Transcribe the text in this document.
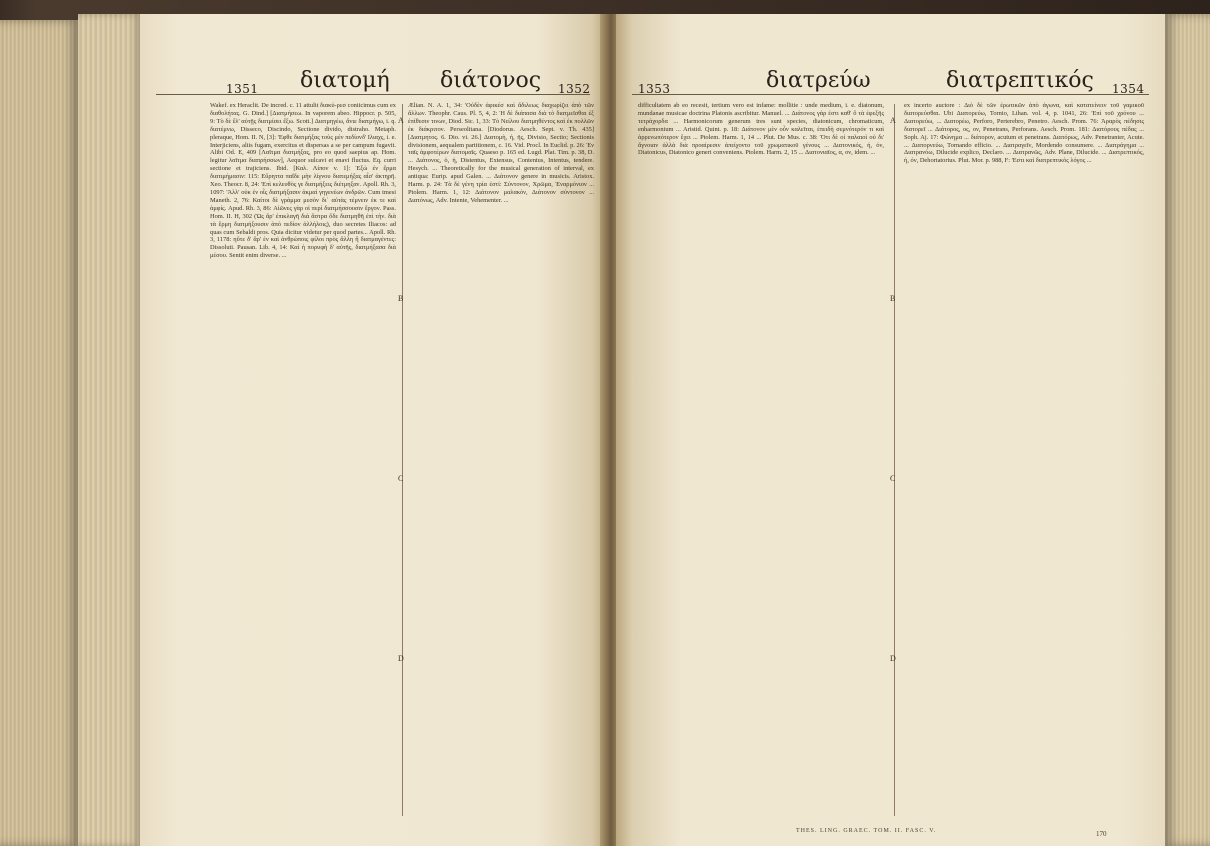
1351 διατομή διάτονος 1352
Wakef. ex Heraclit. De incred. c. 11 attulit διακύ-ρεσ coniicimus cum ex διαθολήτας. G. Dind.] [Διατμήσεω. In vaporem abeo. Hippocr. p. 505, 9: Τὸ δὲ ἔλ' αὐτῇς διατμίσει ἔξω. Scott.] Διατμηγέω, ἄνιε διατμήγω, i. q. διατέμνω, Disseco, Discindo, Sectione divido, distraho. Metaph. pleraque, Hom. II. Ν, [3]: 'Εφθε διατμήξας τοὺς μὲν πεδίονδ' Ιλιαχς, i. e. Interjiciens, aliis fugam, exercitus et dispersas a se per campum fugavit. Alibi Od. Ε, 409 [Λαῖτμα διατμήξας, pro eo quod saepius ap. Hom. legitur λαῖτμα διαπρήσσων], Aequor sulcavi et enavi fluctus. Eq. curri sectione et trajiciens. Ibid. [Καλ. Λίπον v. 1]: Ἐξὼ ἐν ἔρμα διατιμήμασιν: 115: Εὔρηττα παΐδε μὴν λίγνου διατεμήξας αἶσ' ἀκτηρῆ. Xeo. Theocr. 8, 24: 'Επὶ κελευθὸς γε διατμήξεις διέτμηξαν. Apoll. Rh. 3, 1097: 'Ἀλλ' οὐκ ἐν οἷς διατμήξασιν ἀκμαὶ γηγενέων ἀνδρῶν. Cum tmesi Maneth. 2, 76: Καίτοι δὲ γράμμα μεσὸν δι᾽ αὐτὰς τέμνειν ἐκ τε καὶ ἀμφίς. Apud. Rh. 3, 86: Αἰῶνες γὰρ οἱ περὶ διατμήσσουσιν ἔργον. Pass. Hom. II. Η, 302 (Ὠς ἄρ' ἐπικλαγῆ διὰ ἄστρα ὅδε διατμηθῆ ἐπὶ τὴν. διὰ τὰ ἔρμη διατμήξουσιν ἀπὸ πεδίον ἀλλήλοις), duo secretes Iliacos: ad quas cum Sebaldi pros. Quia dicitur videtur per quod partes... Apoll. Rh. 3, 1178: ηὔτε δ' ἄρ' ἐν καὶ ἀνθρώποις φίλοι πρὸς ἅλλη ἢ διατμαγέντες: Dissoluti. Pausan. Lib. 4, 14: Καὶ ἡ πορυφὴ δ' αὐτῆς, διατμήξασα διὰ μέσου. Sentit enim diverse. ...
Ælian. N. A. 1, 34: 'Οὐδὲν ἀφικέσ καὶ ἄδιλεως διαχωρίζει ἀπὸ τῶν ἄλλων. Theophr. Caus. Pl. 5, 4, 2: Ἡ δὲ διάπασα διὰ τὸ διατμεῖσθαι ἐξ ἐπίθεσιν τινων, Diod. Sic. 1, 33: Τὸ Νείλου διατμηθέντος καὶ ἐκ πολλῶν ἐκ διάκριτον. Perseolitana. [Diodorus. Aesch. Sept. v. Th. 435] [Διατμητος. 6. Dio. vi. 26.] Διατομὴ, ἡ, ῆς, Divisio, Sectio; Sectionis divisionem, aequalem partitionem, c. 16. Vid. Procl. In Euclid. p. 26: Ἐν ταῖς ἀμφοτέρων διατομαῖς. Quaeso p. 165 ed. Lugd. Plat. Tim. p. 38, D. ... Διάτονος, ὁ, ἡ, Distentus, Extensus, Contentus, Intentus, tendere. Hesych. ... Theoretically for the musical generation of interval, ex antiqua: Eurip. apud Galen. ... Διάτονον genere in musicis. Aristox. Harm. p. 24: Τὰ δὲ γένη τρία ἐστί: Σύντονον, Χρῶμα, Ἐναρμόνιον ... Ptolem. Harm. 1, 12: Διάτονον μαλακόν, Διάτονον σύντονον ... Διατόνως, Adv. Intente, Vehementer. ...
A
B
C
D
1353	διατρεύω	διατρεπτικός 1354
difficultatem ab eo recesit, tertium vero est infame: mollitie : unde medium, i. e. diatonum, mundanae musicae doctrina Platonis ascribitur. Manuel. ... Διάτονος γάρ ἐστι καθ' ὃ τὰ ἐφεξῆς τετράχορδα ... Harmonicorum generum tres sunt species, diatonicum, chromaticum, enharmonium ... Aristid. Quint. p. 18: Διάτονον μὲν οὖν καλεῖται, ἐπειδὴ σεμνότερόν τι καὶ ἀρρενωπότερον ἔχει ... Ptolem. Harm. 1, 14 ... Plut. De Mus. c. 38: Ὅτι δὲ οἱ παλαιοὶ οὐ δι' ἄγνοιαν ἀλλὰ διὰ προαίρεσιν ἀπείχοντο τοῦ χρωματικοῦ γένους ... Διατονικός, ή, όν, Diatonicus, Diatonico generi conveniens. Ptolem. Harm. 2, 15 ... Διατονιαῖος, α, ον, idem. ...
ex incerto auctore : Διὸ δὲ τῶν ἐρωτικῶν ἀπὸ ἀγωνα, καὶ κατατείνειν τοῦ γαμικοῦ διατορεύσθαι. Ubi Διατορεύω, Tornio, Lihan. vol. 4, p. 1041, 26: 'Επὶ τοῦ χρόνου ... Διατορεύω, ... Διατορέω, Perforo, Perterebro, Penetro. Aesch. Prom. 76: Ἀραρὸς πέδησις διατορεῖ ... Διάτορος, ος, ον, Penetrans, Perforans. Aesch. Prom. 181: Διατόρους πέδας ... Soph. Aj. 17: Φώνημα ... διάτορον, acutum et penetrans. Διατόρως, Adv. Penetranter, Acute. ... Διατορνεύω, Tornando efficio. ... Διατραγεῖν, Mordendo consumere. ... Διατράγημα ... Διατρανόω, Dilucide explico, Declaro. ... Διατρανῶς, Adv. Plane, Dilucide. ... Διατρεπτικός, ή, όν, Dehortatorius. Plut. Mor. p. 988, F: 'Εστι καὶ διατρεπτικὸς λόγος ...
A
B
C
D
THES. LING. GRAEC. TOM. II. FASC. V.	170
